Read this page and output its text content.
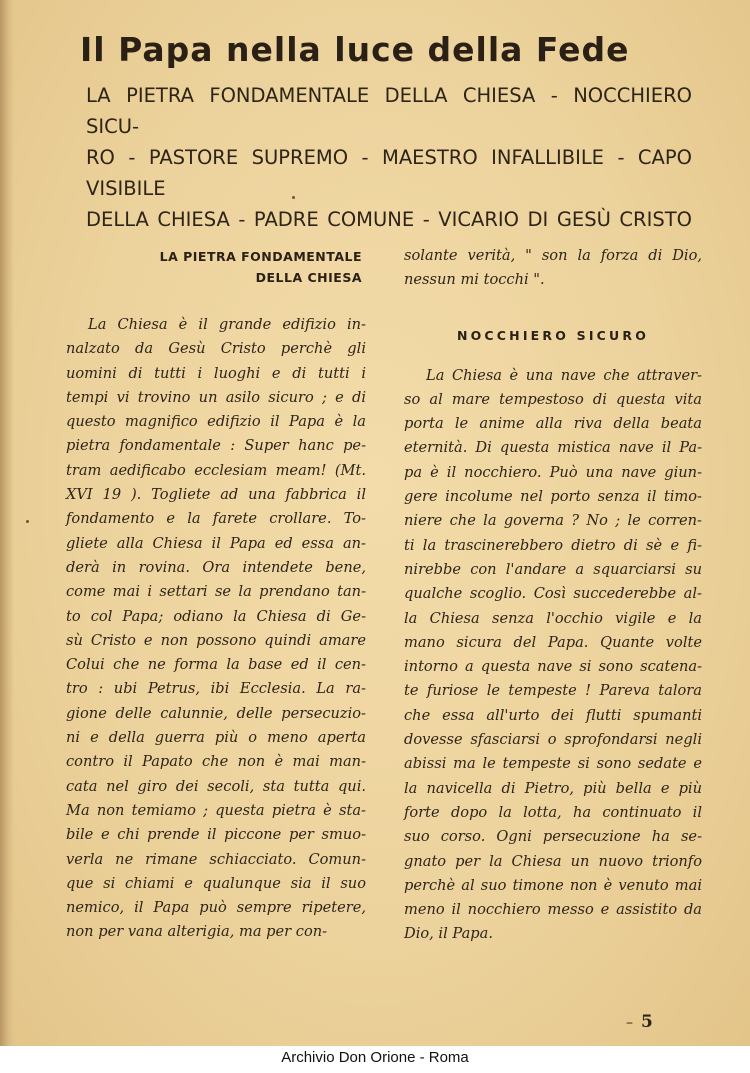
Il Papa nella luce della Fede
LA PIETRA FONDAMENTALE DELLA CHIESA - NOCCHIERO SICU-
RO - PASTORE SUPREMO - MAESTRO INFALLIBILE - CAPO VISIBILE
DELLA CHIESA - PADRE COMUNE - VICARIO DI GESÙ CRISTO
LA PIETRA FONDAMENTALE
DELLA CHIESA
La Chiesa è il grande edifizio in-
nalzato da Gesù Cristo perchè gli
uomini di tutti i luoghi e di tutti i
tempi vi trovino un asilo sicuro ; e di
questo magnifico edifizio il Papa è la
pietra fondamentale : Super hanc pe-
tram aedificabo ecclesiam meam! (Mt.
XVI 19 ). Togliete ad una fabbrica il
fondamento e la farete crollare. To-
gliete alla Chiesa il Papa ed essa an-
derà in rovina. Ora intendete bene,
come mai i settari se la prendano tan-
to col Papa; odiano la Chiesa di Ge-
sù Cristo e non possono quindi amare
Colui che ne forma la base ed il cen-
tro : ubi Petrus, ibi Ecclesia. La ra-
gione delle calunnie, delle persecuzio-
ni e della guerra più o meno aperta
contro il Papato che non è mai man-
cata nel giro dei secoli, sta tutta qui.
Ma non temiamo ; questa pietra è sta-
bile e chi prende il piccone per smuo-
verla ne rimane schiacciato. Comun-
que si chiami e qualunque sia il suo
nemico, il Papa può sempre ripetere,
non per vana alterigia, ma per con-
solante verità, " son la forza di Dio,
nessun mi tocchi ".
NOCCHIERO SICURO
La Chiesa è una nave che attraver-
so al mare tempestoso di questa vita
porta le anime alla riva della beata
eternità. Di questa mistica nave il Pa-
pa è il nocchiero. Può una nave giun-
gere incolume nel porto senza il timo-
niere che la governa ? No ; le corren-
ti la trascinerebbero dietro di sè e fi-
nirebbe con l'andare a squarciarsi su
qualche scoglio. Così succederebbe al-
la Chiesa senza l'occhio vigile e la
mano sicura del Papa. Quante volte
intorno a questa nave si sono scatena-
te furiose le tempeste ! Pareva talora
che essa all'urto dei flutti spumanti
dovesse sfasciarsi o sprofondarsi negli
abissi ma le tempeste si sono sedate e
la navicella di Pietro, più bella e più
forte dopo la lotta, ha continuato il
suo corso. Ogni persecuzione ha se-
gnato per la Chiesa un nuovo trionfo
perchè al suo timone non è venuto mai
meno il nocchiero messo e assistito da
Dio, il Papa.
– 5
Archivio Don Orione - Roma
